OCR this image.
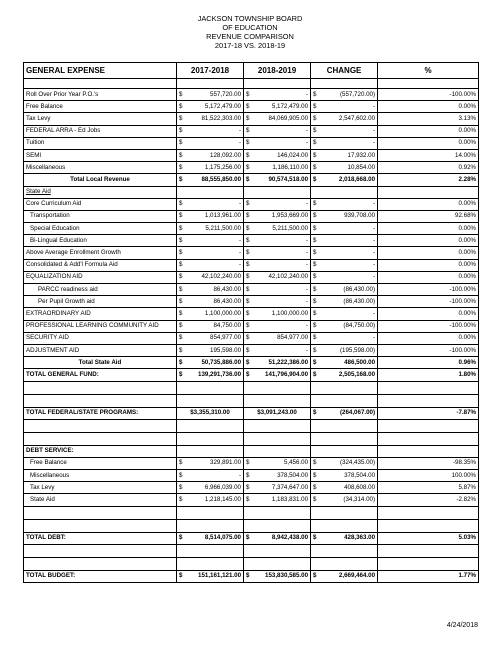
JACKSON TOWNSHIP BOARD
OF EDUCATION
REVENUE COMPARISON
2017-18 VS. 2018-19
GENERAL EXPENSE	2017-2018		2018-2019		CHANGE		%

Roll Over Prior Year P.O.'s	$	557,720.00	$	-	$	(557,720.00)	-100.00%
Free Balance	$	5,172,479.00	$	5,172,479.00	$	-	0.00%
Tax Levy	$	81,522,303.00	$	84,069,905.00	$	2,547,602.00	3.13%
FEDERAL ARRA - Ed Jobs	$	-	$	-	$	-	0.00%
Tuition	$	-	$	-	$	-	0.00%
SEMI	$	128,092.00	$	146,024.00	$	17,932.00	14.00%
Miscellaneous	$	1,175,256.00	$	1,186,110.00	$	10,854.00	0.92%
Total Local Revenue	$	88,555,850.00	$	90,574,518.00	$	2,018,668.00	2.28%
State Aid							
Core Curriculum Aid	$	-	$	-	$	-	0.00%
Transportation	$	1,013,961.00	$	1,953,669.00	$	939,708.00	92.68%
Special Education	$	5,211,500.00	$	5,211,500.00	$	-	0.00%
Bi-Lingual Education	$	-	$	-	$	-	0.00%
Above Average Enrollment Growth	$	-	$	-	$	-	0.00%
Consolidated & Add'l Formula Aid	$	-	$	-	$	-	0.00%
EQUALIZATION AID	$	42,102,240.00	$	42,102,240.00	$	-	0.00%
PARCC readiness aid	$	86,430.00	$	-	$	(86,430.00)	-100.00%
Per Pupil Growth aid	$	86,430.00	$	-	$	(86,430.00)	-100.00%
EXTRAORDINARY AID	$	1,100,000.00	$	1,100,000.00	$	-	0.00%
PROFESSIONAL LEARNING COMMUNITY AID	$	84,750.00	$	-	$	(84,750.00)	-100.00%
SECURITY AID	$	854,977.00	$	854,977.00	$	-	0.00%
ADJUSTMENT AID	$	195,598.00	$	-	$	(195,598.00)	-100.00%
Total State Aid	$	50,735,886.00	$	51,222,386.00	$	486,500.00	0.96%
TOTAL GENERAL FUND:	$	139,291,736.00	$	141,796,904.00	$	2,505,168.00	1.80%

TOTAL FEDERAL/STATE PROGRAMS:	$3,355,310.00		$3,091,243.00		$	(264,067.00)	-7.87%

DEBT SERVICE:							
Free Balance	$	329,891.00	$	5,456.00	$	(324,435.00)	-98.35%
Miscellaneous	$	-	$	378,504.00	$	378,504.00	100.00%
Tax Levy	$	6,966,039.00	$	7,374,647.00	$	408,608.00	5.87%
State Aid	$	1,218,145.00	$	1,183,831.00	$	(34,314.00)	-2.82%

TOTAL DEBT:	$	8,514,075.00	$	8,942,438.00	$	428,363.00	5.03%

TOTAL BUDGET:	$	151,161,121.00	$	153,830,585.00	$	2,669,464.00	1.77%
4/24/2018
